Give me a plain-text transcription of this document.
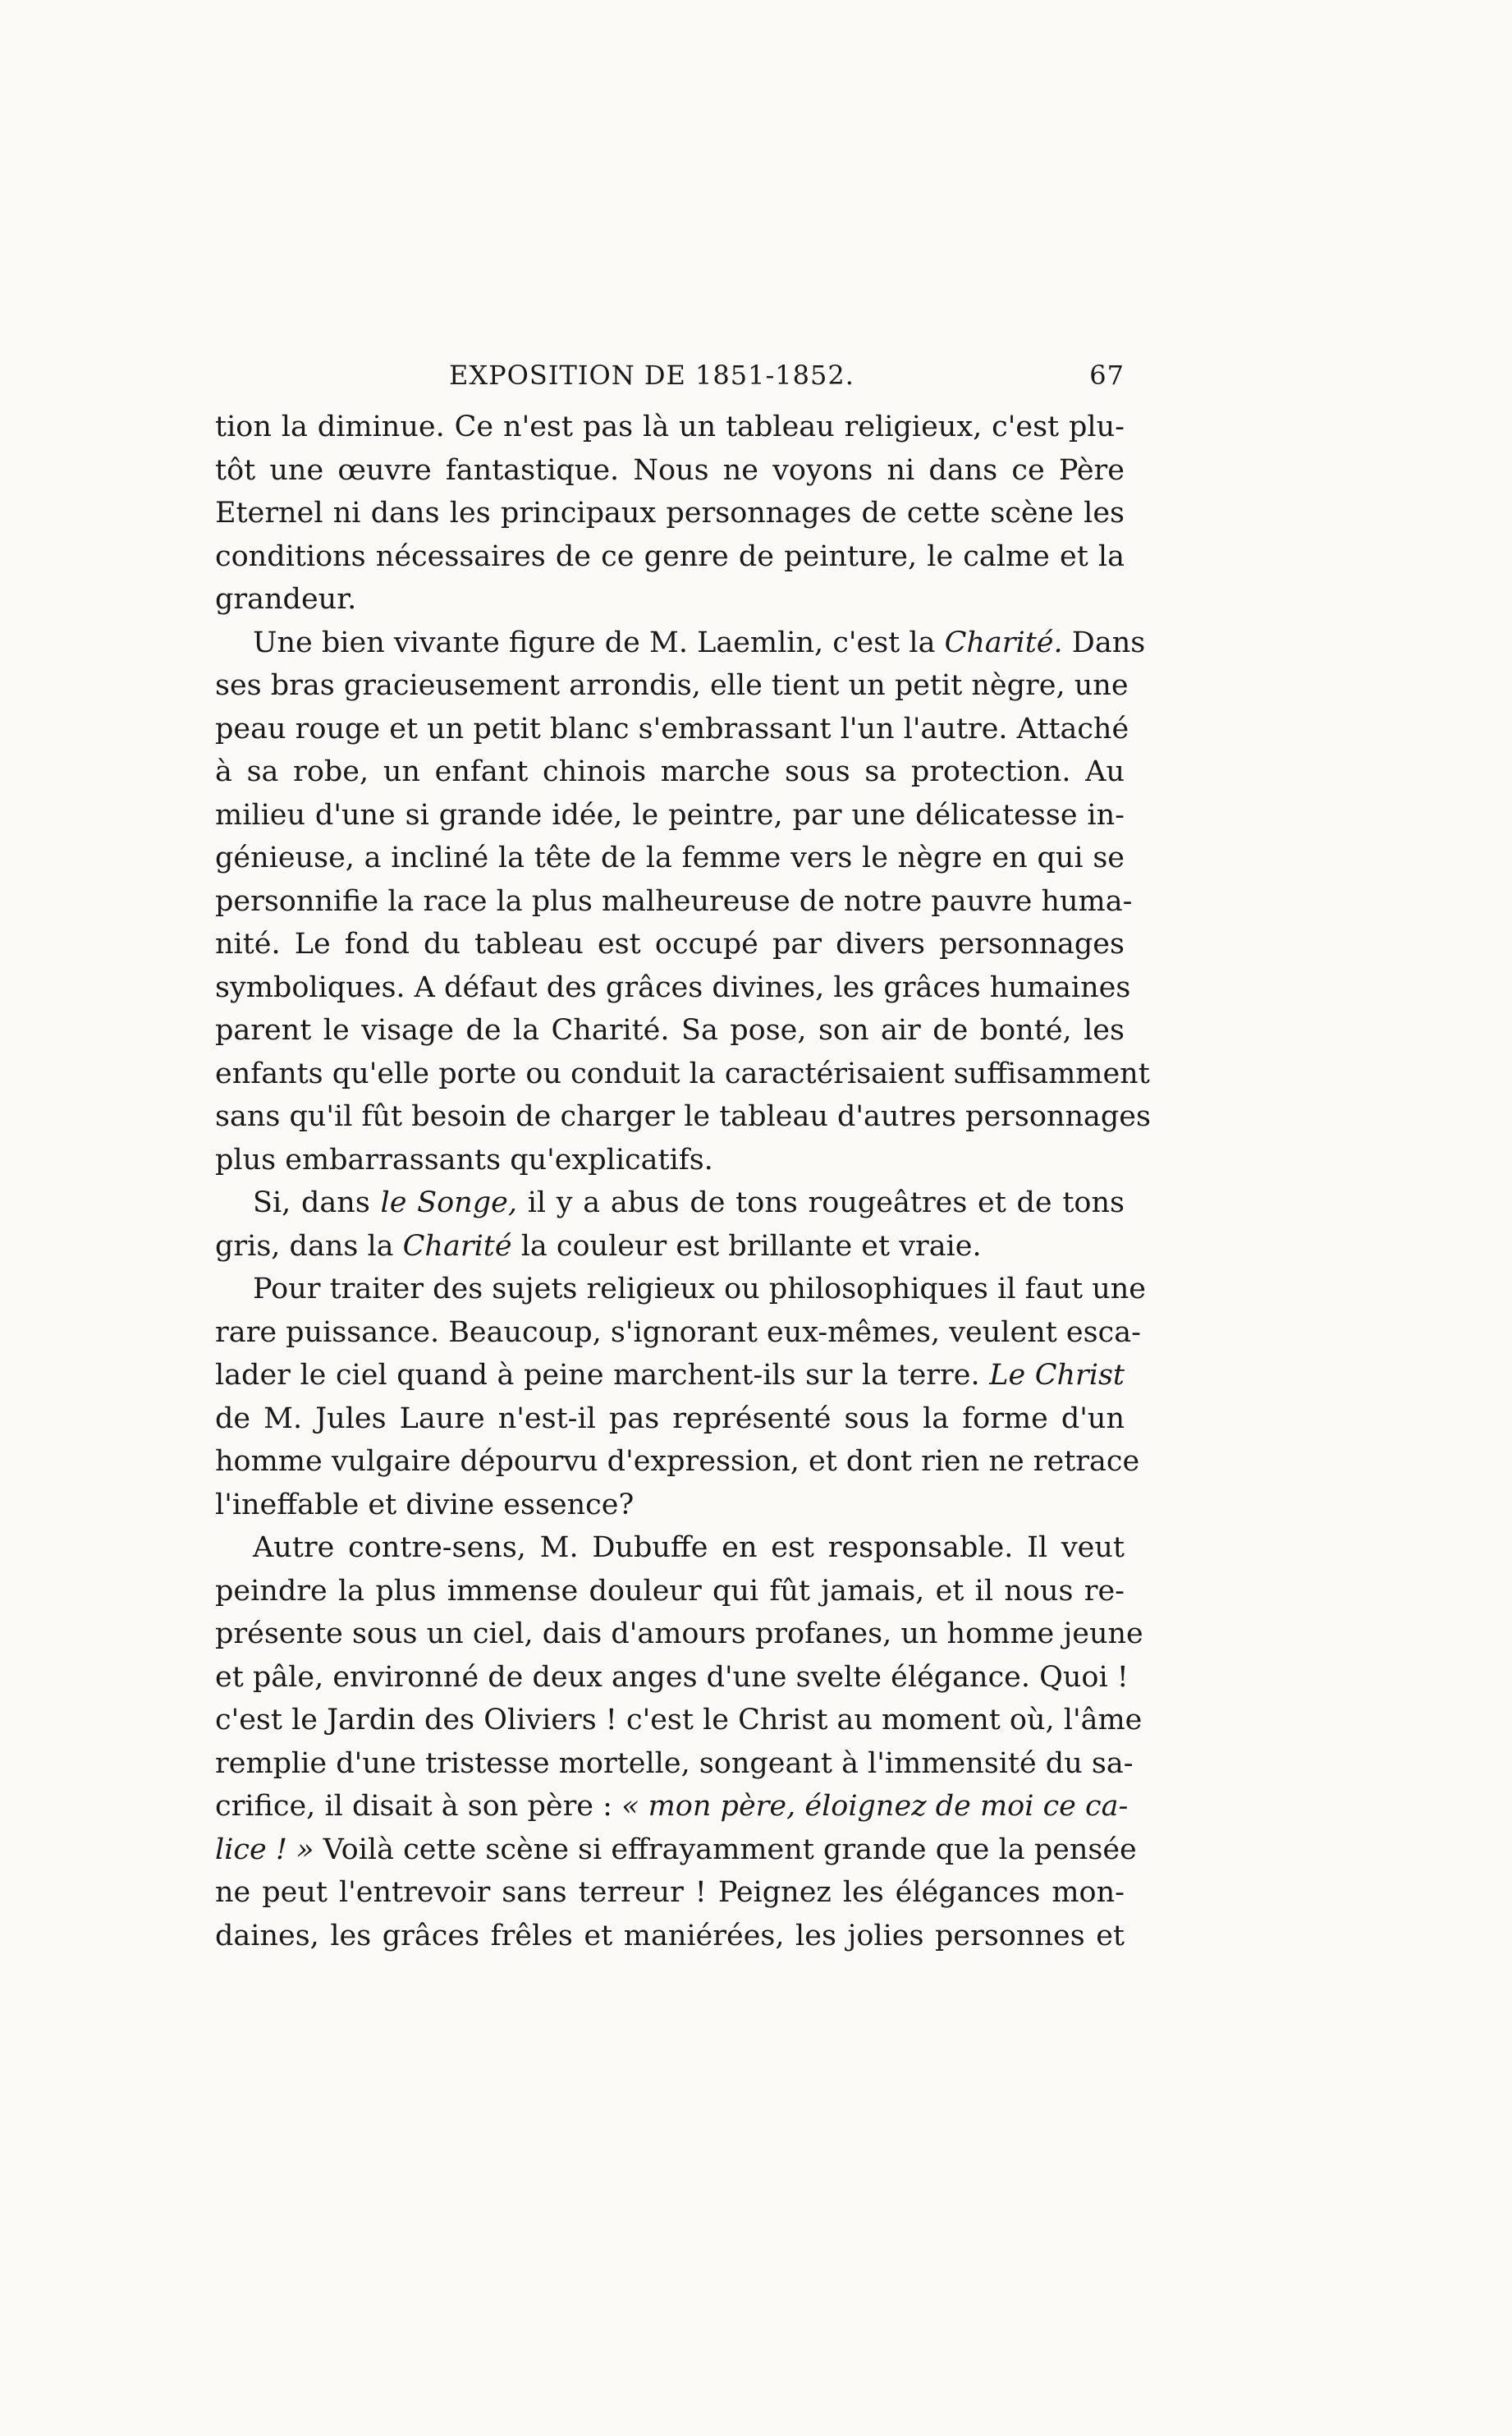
EXPOSITION DE 1851-1852.	67
tion la diminue. Ce n'est pas là un tableau religieux, c'est plu-
tôt une œuvre fantastique. Nous ne voyons ni dans ce Père
Eternel ni dans les principaux personnages de cette scène les
conditions nécessaires de ce genre de peinture, le calme et la
grandeur.
Une bien vivante figure de M. Laemlin, c'est la Charité. Dans
ses bras gracieusement arrondis, elle tient un petit nègre, une
peau rouge et un petit blanc s'embrassant l'un l'autre. Attaché
à sa robe, un enfant chinois marche sous sa protection. Au
milieu d'une si grande idée, le peintre, par une délicatesse in-
génieuse, a incliné la tête de la femme vers le nègre en qui se
personnifie la race la plus malheureuse de notre pauvre huma-
nité. Le fond du tableau est occupé par divers personnages
symboliques. A défaut des grâces divines, les grâces humaines
parent le visage de la Charité. Sa pose, son air de bonté, les
enfants qu'elle porte ou conduit la caractérisaient suffisamment
sans qu'il fût besoin de charger le tableau d'autres personnages
plus embarrassants qu'explicatifs.
Si, dans le Songe, il y a abus de tons rougeâtres et de tons
gris, dans la Charité la couleur est brillante et vraie.
Pour traiter des sujets religieux ou philosophiques il faut une
rare puissance. Beaucoup, s'ignorant eux-mêmes, veulent esca-
lader le ciel quand à peine marchent-ils sur la terre. Le Christ
de M. Jules Laure n'est-il pas représenté sous la forme d'un
homme vulgaire dépourvu d'expression, et dont rien ne retrace
l'ineffable et divine essence?
Autre contre-sens, M. Dubuffe en est responsable. Il veut
peindre la plus immense douleur qui fût jamais, et il nous re-
présente sous un ciel, dais d'amours profanes, un homme jeune
et pâle, environné de deux anges d'une svelte élégance. Quoi !
c'est le Jardin des Oliviers ! c'est le Christ au moment où, l'âme
remplie d'une tristesse mortelle, songeant à l'immensité du sa-
crifice, il disait à son père : « mon père, éloignez de moi ce ca-
lice ! » Voilà cette scène si effrayamment grande que la pensée
ne peut l'entrevoir sans terreur ! Peignez les élégances mon-
daines, les grâces frêles et maniérées, les jolies personnes et
